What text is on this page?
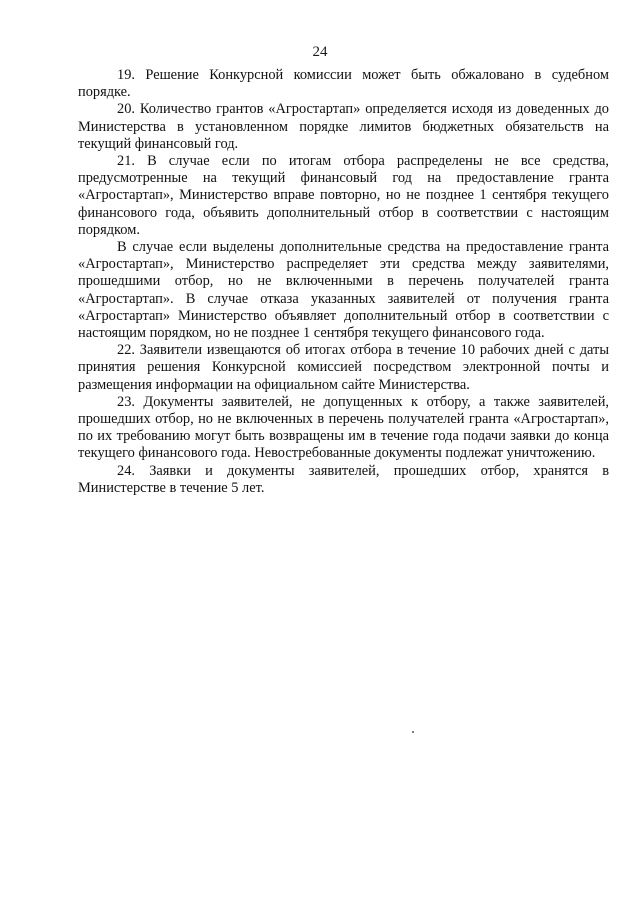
24

19. Решение Конкурсной комиссии может быть обжаловано в судебном порядке.

20. Количество грантов «Агростартап» определяется исходя из доведенных до Министерства в установленном порядке лимитов бюджетных обязательств на текущий финансовый год.

21. В случае если по итогам отбора распределены не все средства, предусмотренные на текущий финансовый год на предоставление гранта «Агростартап», Министерство вправе повторно, но не позднее 1 сентября текущего финансового года, объявить дополнительный отбор в соответствии с настоящим порядком.

В случае если выделены дополнительные средства на предоставление гранта «Агростартап», Министерство распределяет эти средства между заявителями, прошедшими отбор, но не включенными в перечень получателей гранта «Агростартап». В случае отказа указанных заявителей от получения гранта «Агростартап» Министерство объявляет дополнительный отбор в соответствии с настоящим порядком, но не позднее 1 сентября текущего финансового года.

22. Заявители извещаются об итогах отбора в течение 10 рабочих дней с даты принятия решения Конкурсной комиссией посредством электронной почты и размещения информации на официальном сайте Министерства.

23. Документы заявителей, не допущенных к отбору, а также заявителей, прошедших отбор, но не включенных в перечень получателей гранта «Агростартап», по их требованию могут быть возвращены им в течение года подачи заявки до конца текущего финансового года. Невостребованные документы подлежат уничтожению.

24. Заявки и документы заявителей, прошедших отбор, хранятся в Министерстве в течение 5 лет.
